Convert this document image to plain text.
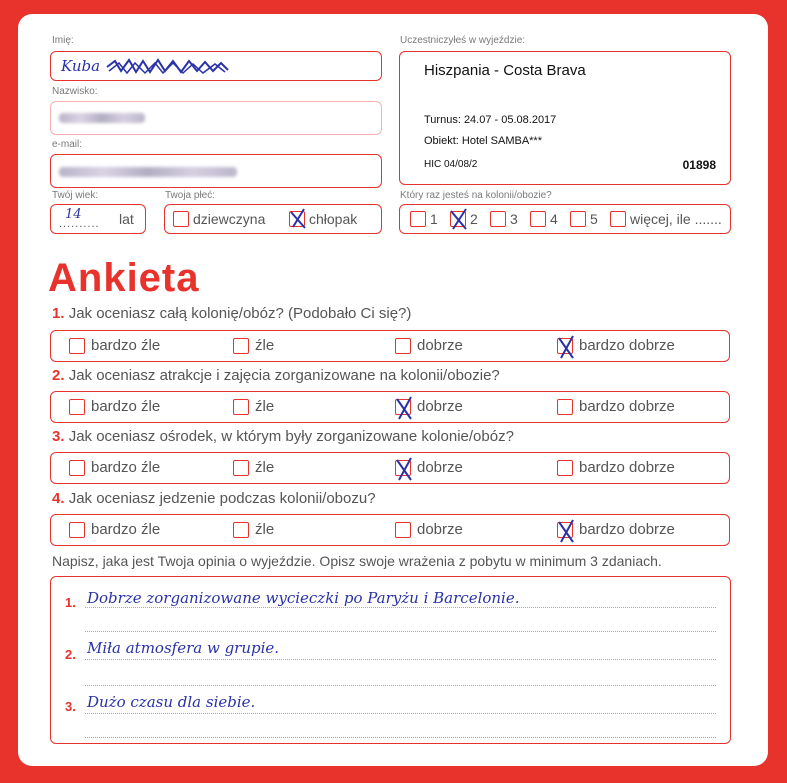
Imię:
Kuba
Nazwisko:
e-mail:
Twój wiek:
14
.......... lat
Twoja płeć:
dziewczyna	chłopak
Uczestniczyłeś w wyjeździe:
Hiszpania - Costa Brava
Turnus: 24.07 - 05.08.2017
Obiekt: Hotel SAMBA***
HIC 04/08/2	01898
Który raz jesteś na kolonii/obozie?
1 2 3 4 5 więcej, ile .......
Ankieta
1. Jak oceniasz całą kolonię/obóz? (Podobało Ci się?)
bardzo źle	źle	dobrze	bardzo dobrze
2. Jak oceniasz atrakcje i zajęcia zorganizowane na kolonii/obozie?
bardzo źle	źle	dobrze	bardzo dobrze
3. Jak oceniasz ośrodek, w którym były zorganizowane kolonie/obóz?
bardzo źle	źle	dobrze	bardzo dobrze
4. Jak oceniasz jedzenie podczas kolonii/obozu?
bardzo źle	źle	dobrze	bardzo dobrze
Napisz, jaka jest Twoja opinia o wyjeździe. Opisz swoje wrażenia z pobytu w minimum 3 zdaniach.
1. Dobrze zorganizowane wycieczki po Paryżu i Barcelonie.
2. Miła atmosfera w grupie.
3. Dużo czasu dla siebie.
